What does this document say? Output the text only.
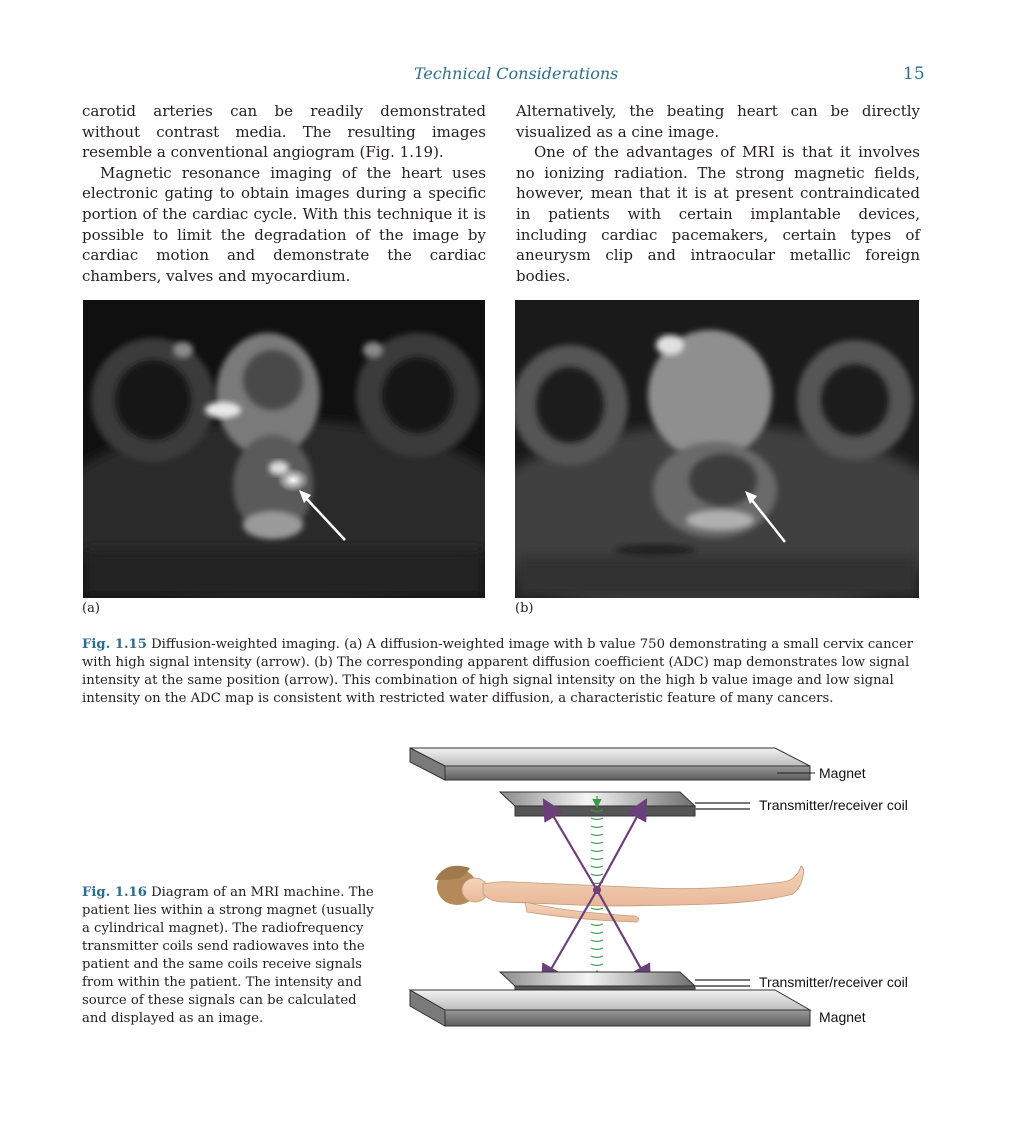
Technical Considerations	15

carotid arteries can be readily demonstrated without contrast media. The resulting images resemble a conventional angiogram (Fig. 1.19).

Magnetic resonance imaging of the heart uses electronic gating to obtain images during a specific portion of the cardiac cycle. With this technique it is possible to limit the degradation of the image by cardiac motion and demonstrate the cardiac chambers, valves and myocardium.

Alternatively, the beating heart can be directly visualized as a cine image.

One of the advantages of MRI is that it involves no ionizing radiation. The strong magnetic fields, however, mean that it is at present contraindicated in patients with certain implantable devices, including cardiac pacemakers, certain types of aneurysm clip and intraocular metallic foreign bodies.

(a)	(b)
Fig. 1.15 Diffusion-weighted imaging. (a) A diffusion-weighted image with b value 750 demonstrating a small cervix cancer with high signal intensity (arrow). (b) The corresponding apparent diffusion coefficient (ADC) map demonstrates low signal intensity at the same position (arrow). This combination of high signal intensity on the high b value image and low signal intensity on the ADC map is consistent with restricted water diffusion, a characteristic feature of many cancers.
Fig. 1.16 Diagram of an MRI machine. The patient lies within a strong magnet (usually a cylindrical magnet). The radiofrequency transmitter coils send radiowaves into the patient and the same coils receive signals from within the patient. The intensity and source of these signals can be calculated and displayed as an image.
Magnet
Transmitter/receiver coil
Transmitter/receiver coil
Magnet
